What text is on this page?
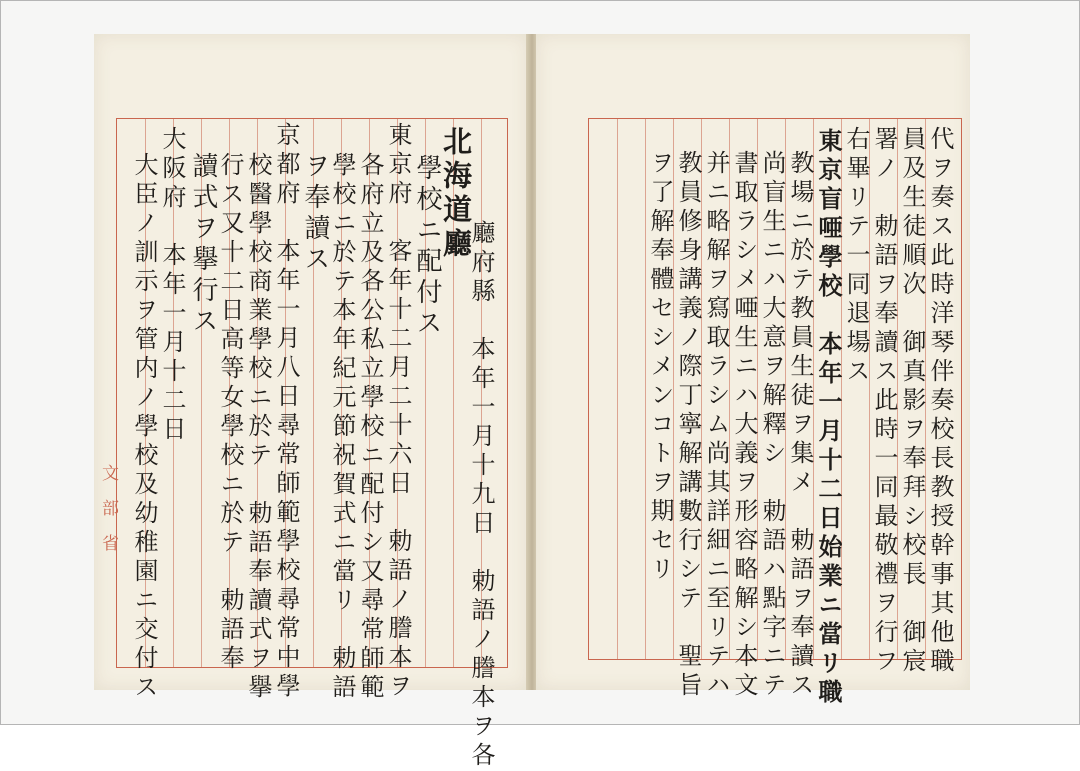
北海道廳
廳府縣　本年一月十九日　勅語ノ謄本ヲ各
學校ニ配付ス
東京府　客年十二月二十六日　勅語ノ謄本ヲ
各府立及各公私立學校ニ配付シ又尋常師範
學校ニ於テ本年紀元節祝賀式ニ當リ　勅語
ヲ奉讀ス
京都府　本年一月八日尋常師範學校尋常中學
校醫學校商業學校ニ於テ　勅語奉讀式ヲ擧
行ス又十二日高等女學校ニ於テ　勅語奉
讀式ヲ擧行ス
大阪府　本年一月十二日
大臣ノ訓示ヲ管内ノ學校及幼稚園ニ交付ス
文部省	代ヲ奏ス此時洋琴伴奏校長教授幹事其他職
員及生徒順次　御真影ヲ奉拜シ校長　御宸
署ノ　勅語ヲ奉讀ス此時一同最敬禮ヲ行フ
右畢リテ一同退場ス
東京盲唖學校　本年一月十二日始業ニ當リ職
教場ニ於テ教員生徒ヲ集メ　勅語ヲ奉讀ス
尚盲生ニハ大意ヲ解釋シ　勅語ハ點字ニテ
書取ラシメ唖生ニハ大義ヲ形容略解シ本文
并ニ略解ヲ寫取ラシム尚其詳細ニ至リテハ
教員修身講義ノ際丁寧解講數行シテ　聖旨
ヲ了解奉體セシメンコトヲ期セリ
